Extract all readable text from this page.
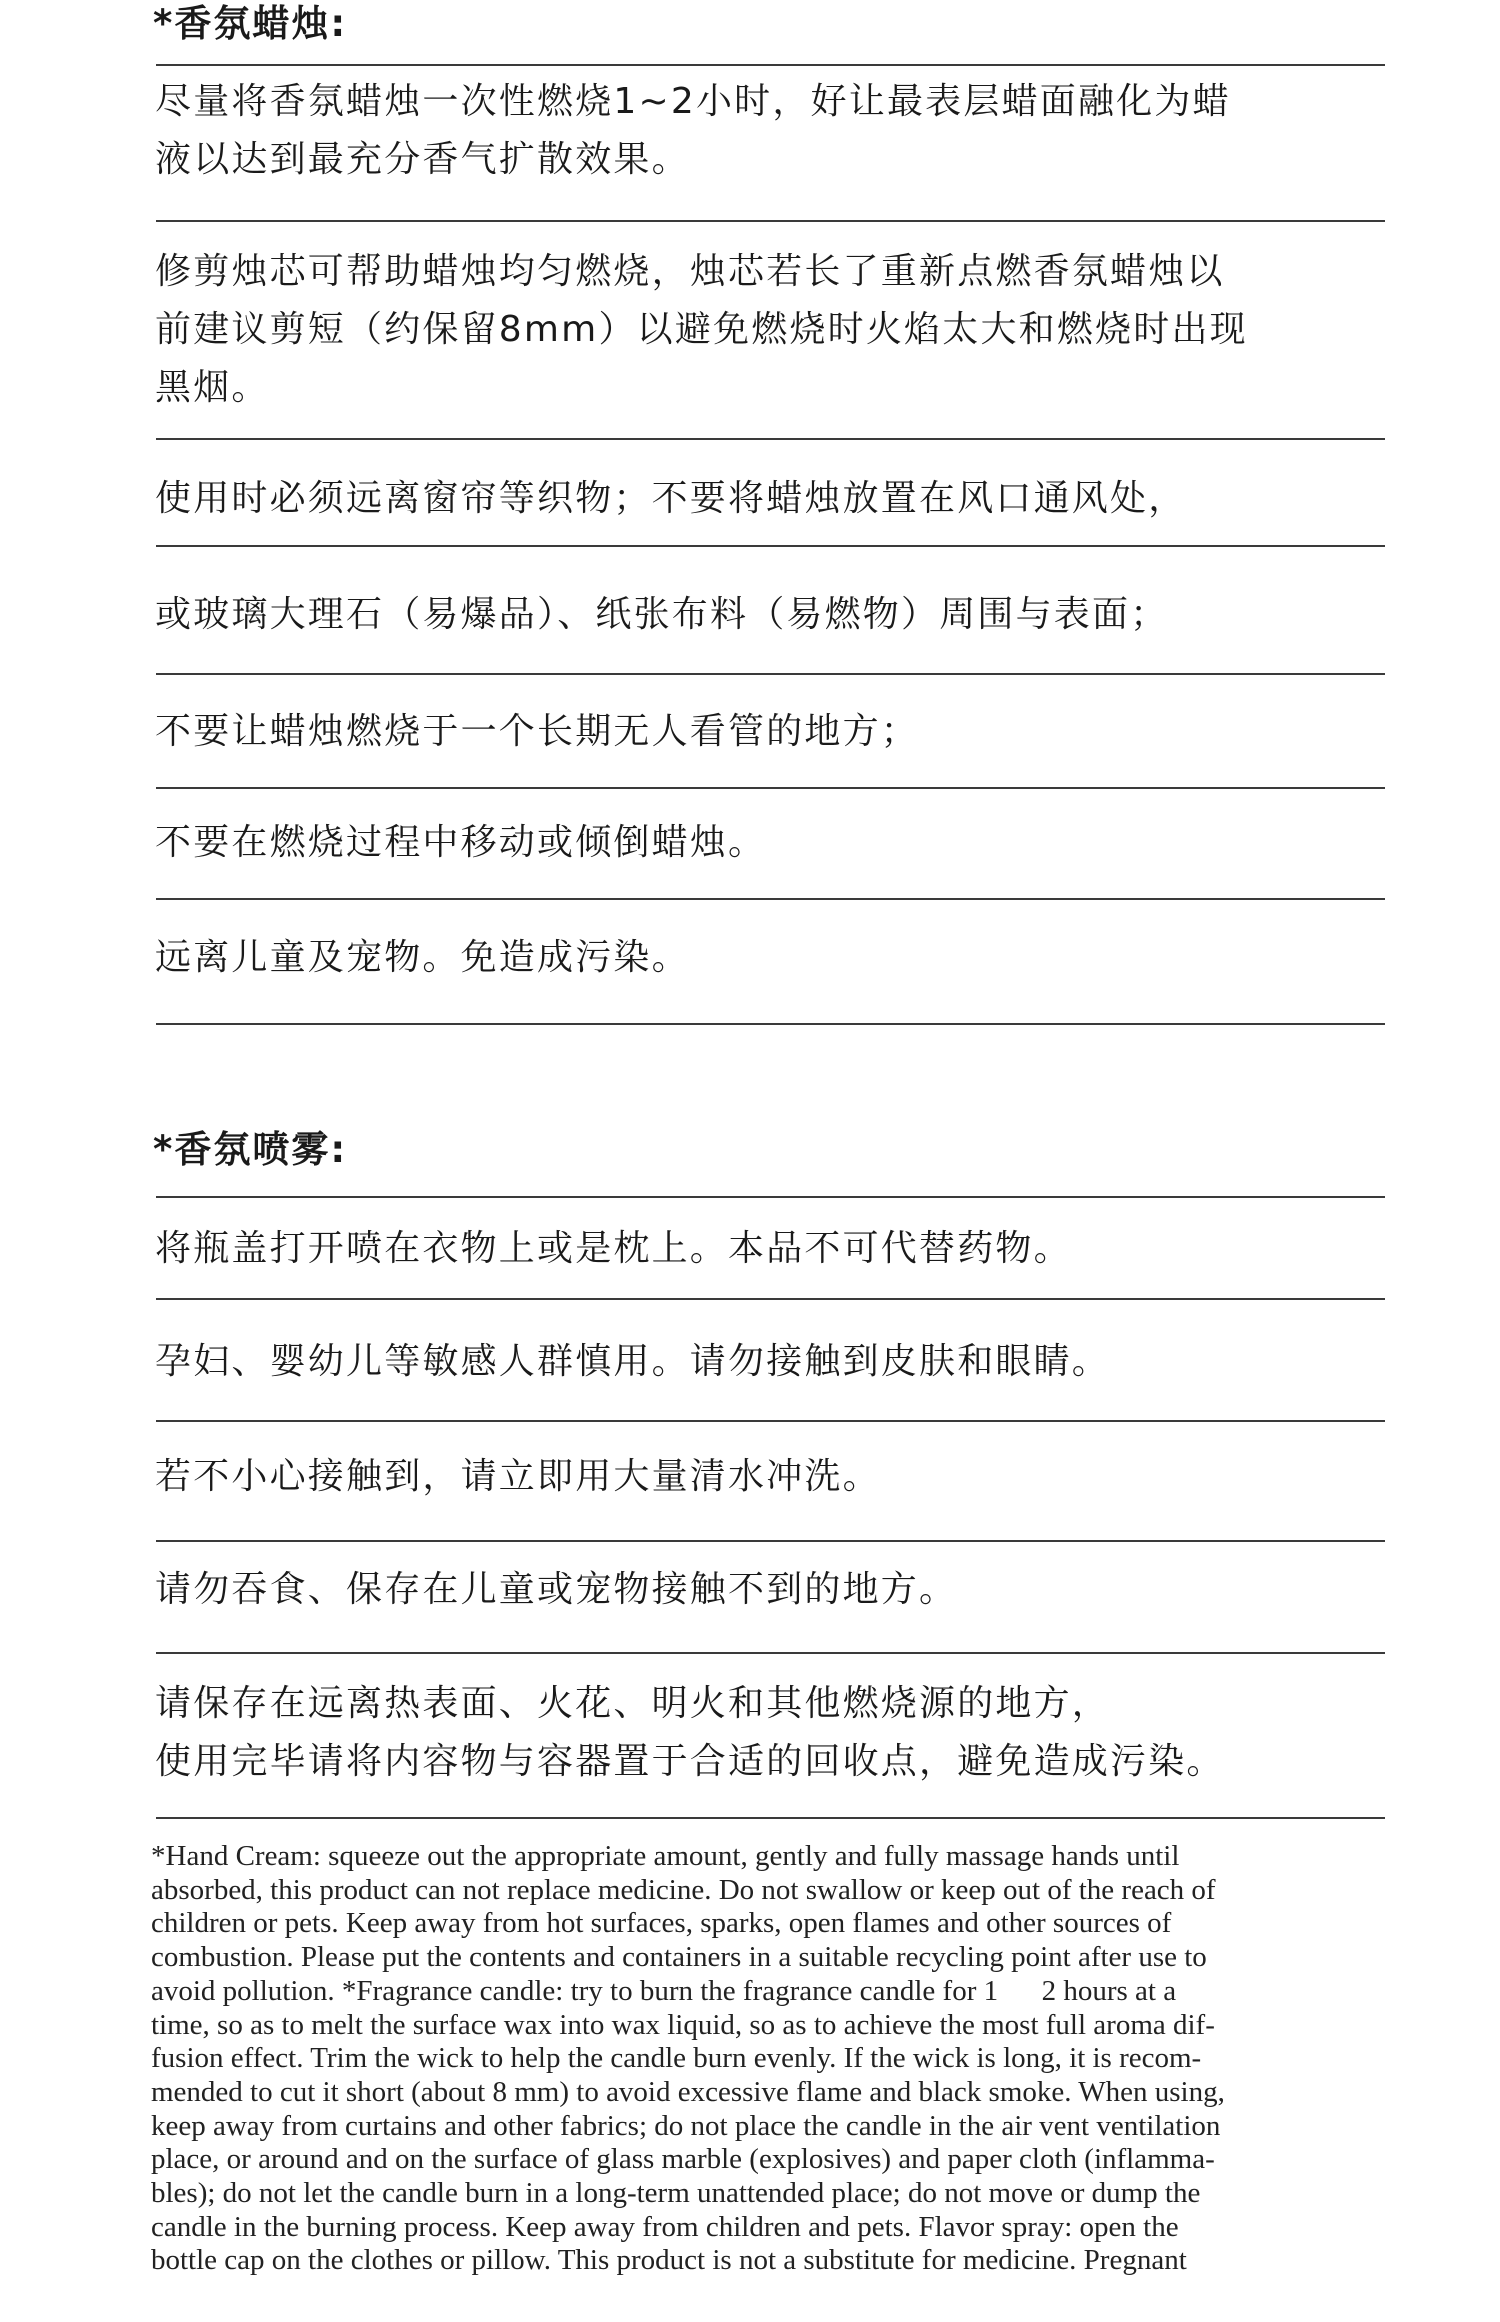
*香氛蜡烛:
尽量将香氛蜡烛一次性燃烧1~2小时，好让最表层蜡面融化为蜡
液以达到最充分香气扩散效果。
修剪烛芯可帮助蜡烛均匀燃烧，烛芯若长了重新点燃香氛蜡烛以
前建议剪短（约保留8mm）以避免燃烧时火焰太大和燃烧时出现
黑烟。
使用时必须远离窗帘等织物；不要将蜡烛放置在风口通风处，
或玻璃大理石（易爆品）、纸张布料（易燃物）周围与表面；
不要让蜡烛燃烧于一个长期无人看管的地方；
不要在燃烧过程中移动或倾倒蜡烛。
远离儿童及宠物。免造成污染。
*香氛喷雾:
将瓶盖打开喷在衣物上或是枕上。本品不可代替药物。
孕妇、婴幼儿等敏感人群慎用。请勿接触到皮肤和眼睛。
若不小心接触到，请立即用大量清水冲洗。
请勿吞食、保存在儿童或宠物接触不到的地方。
请保存在远离热表面、火花、明火和其他燃烧源的地方，
使用完毕请将内容物与容器置于合适的回收点，避免造成污染。
*Hand Cream: squeeze out the appropriate amount, gently and fully massage hands until
absorbed, this product can not replace medicine. Do not swallow or keep out of the reach of
children or pets. Keep away from hot surfaces, sparks, open flames and other sources of
combustion. Please put the contents and containers in a suitable recycling point after use to
avoid pollution. *Fragrance candle: try to burn the fragrance candle for 1      2 hours at a
time, so as to melt the surface wax into wax liquid, so as to achieve the most full aroma dif-
fusion effect. Trim the wick to help the candle burn evenly. If the wick is long, it is recom-
mended to cut it short (about 8 mm) to avoid excessive flame and black smoke. When using,
keep away from curtains and other fabrics; do not place the candle in the air vent ventilation
place, or around and on the surface of glass marble (explosives) and paper cloth (inflamma-
bles); do not let the candle burn in a long-term unattended place; do not move or dump the
candle in the burning process. Keep away from children and pets. Flavor spray: open the
bottle cap on the clothes or pillow. This product is not a substitute for medicine. Pregnant
